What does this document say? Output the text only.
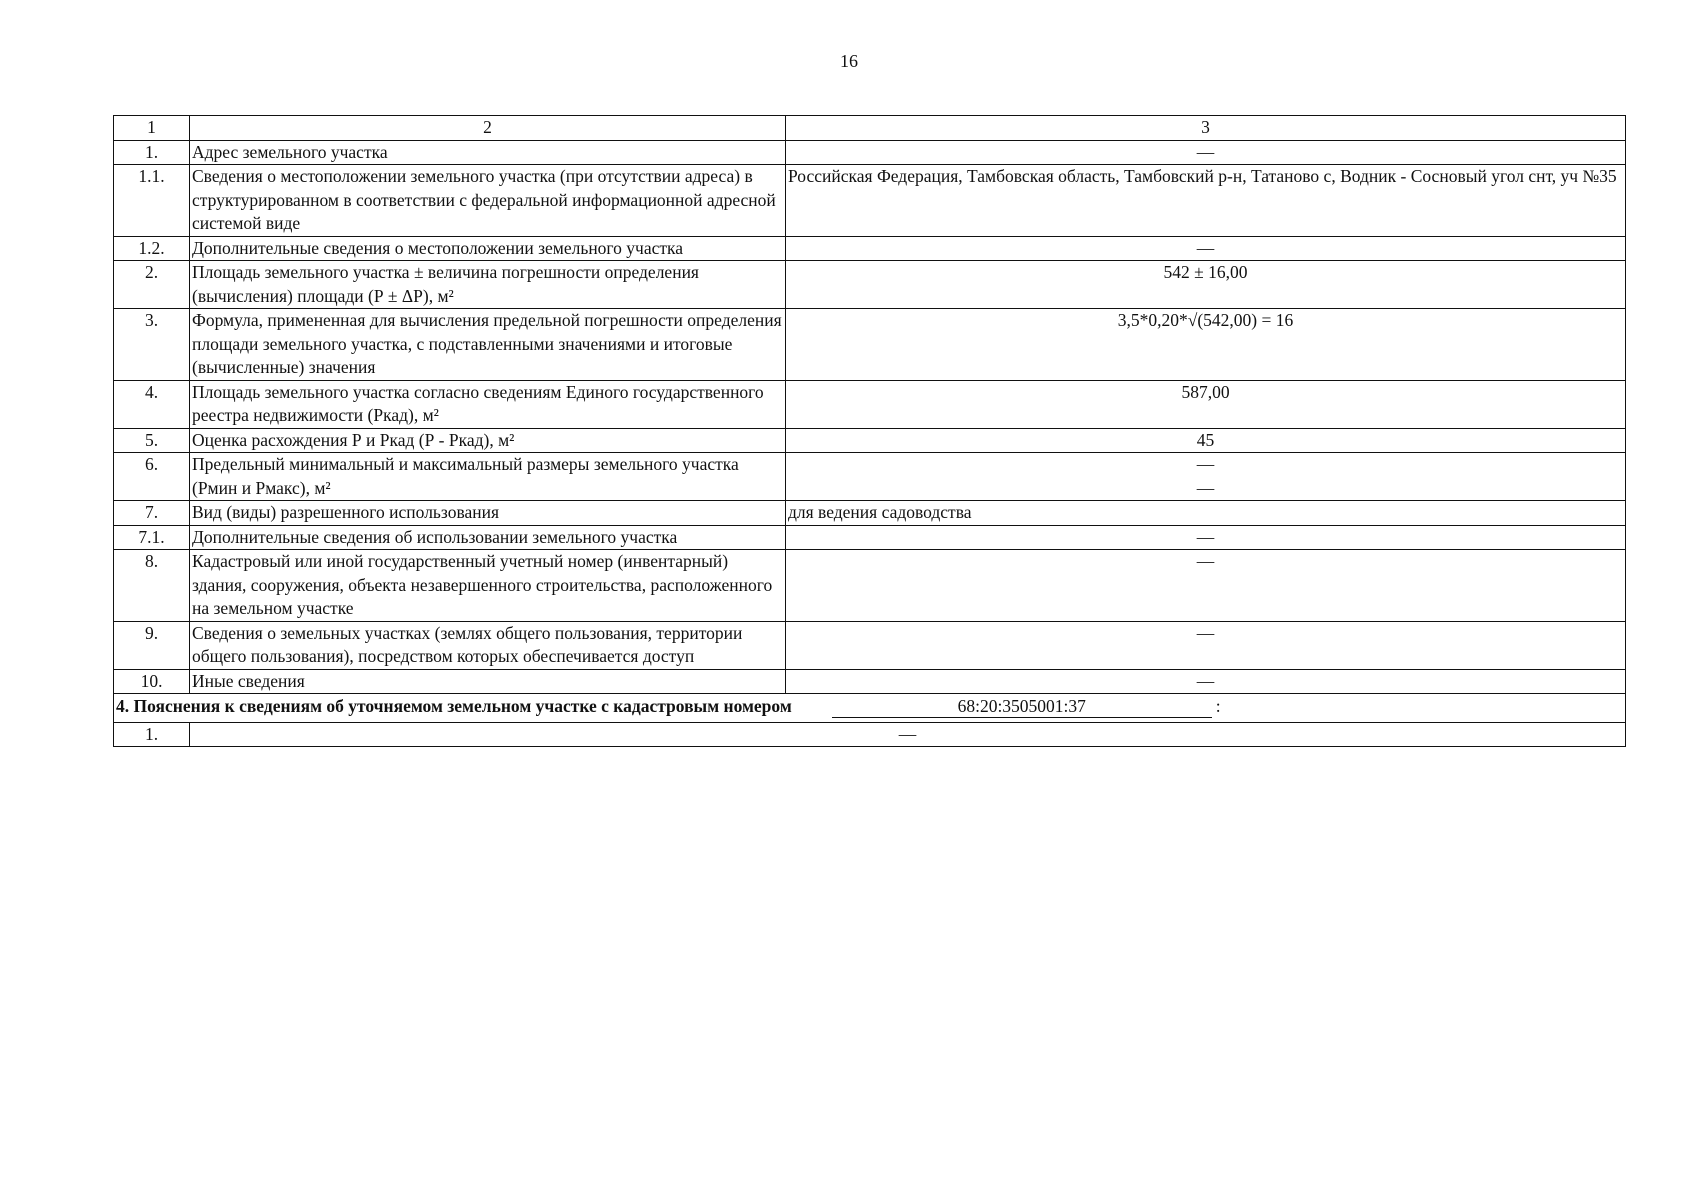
16
1	2	3
1.	Адрес земельного участка	—
1.1.	Сведения о местоположении земельного участка (при отсутствии адреса) в структурированном в соответствии с федеральной информационной адресной системой виде	Российская Федерация, Тамбовская область, Тамбовский р-н, Татаново с, Водник - Сосновый угол снт, уч №35
1.2.	Дополнительные сведения о местоположении земельного участка	—
2.	Площадь земельного участка ± величина погрешности определения (вычисления) площади (Р ± ΔР), м²	542 ± 16,00
3.	Формула, примененная для вычисления предельной погрешности определения площади земельного участка, с подставленными значениями и итоговые (вычисленные) значения	3,5*0,20*√(542,00) = 16
4.	Площадь земельного участка согласно сведениям Единого государственного реестра недвижимости (Ркад), м²	587,00
5.	Оценка расхождения Р и Ркад (Р - Ркад), м²	45
6.	Предельный минимальный и максимальный размеры земельного участка (Рмин и Рмакс), м²	—
—

7.	Вид (виды) разрешенного использования	для ведения садоводства
7.1.	Дополнительные сведения об использовании земельного участка	—
8.	Кадастровый или иной государственный учетный номер (инвентарный) здания, сооружения, объекта незавершенного строительства, расположенного на земельном участке	—
9.	Сведения о земельных участках (землях общего пользования, территории общего пользования), посредством которых обеспечивается доступ	—
10.	Иные сведения	—
4. Пояснения к сведениям об уточняемом земельном участке с кадастровым номером 68:20:3505001:37 :		
1.	—	
